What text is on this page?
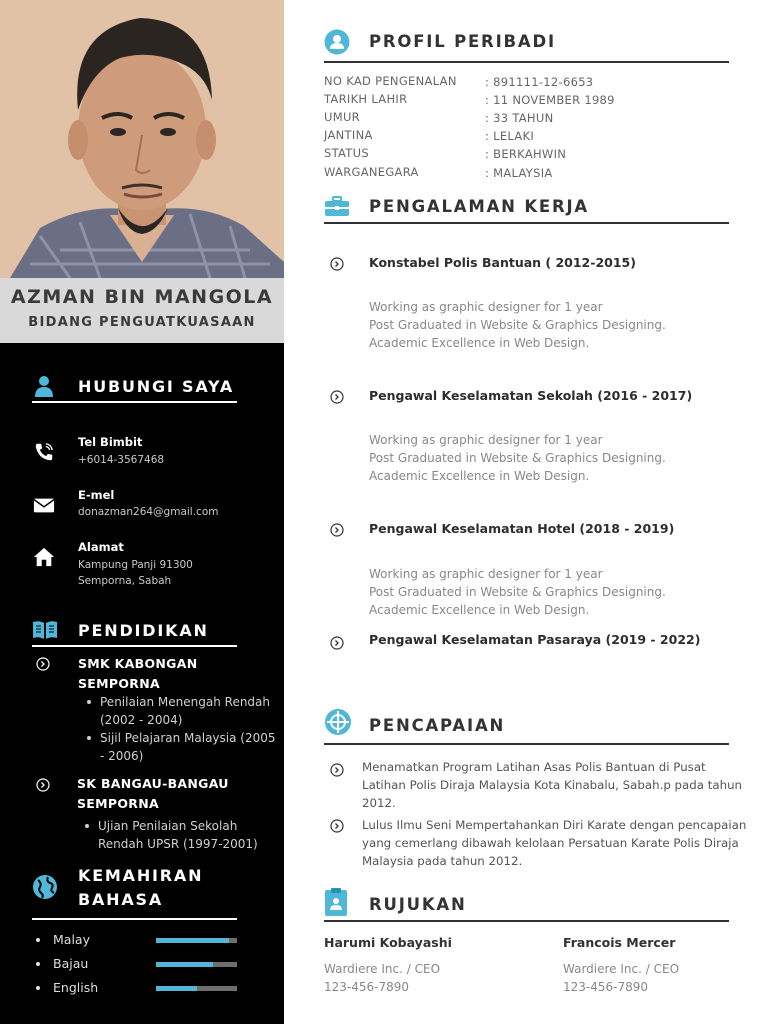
AZMAN BIN MANGOLA
BIDANG PENGUATKUASAAN
HUBUNGI SAYA
Tel Bimbit
+6014-3567468
E-mel
donazman264@gmail.com
Alamat
Kampung Panji 91300
Semporna, Sabah
PENDIDIKAN
SMK KABONGAN SEMPORNA
Penilaian Menengah Rendah (2002 - 2004)
Sijil Pelajaran Malaysia (2005 - 2006)
SK BANGAU-BANGAU SEMPORNA
Ujian Penilaian Sekolah Rendah UPSR (1997-2001)
KEMAHIRAN BAHASA
Malay
Bajau
English
PROFIL PERIBADI
NO KAD PENGENALAN	: 891111-12-6653
TARIKH LAHIR	: 11 NOVEMBER 1989
UMUR	: 33 TAHUN
JANTINA	: LELAKI
STATUS	: BERKAHWIN
WARGANEGARA	: MALAYSIA
PENGALAMAN KERJA
Konstabel Polis Bantuan ( 2012-2015)
Working as graphic designer for 1 year
Post Graduated in Website & Graphics Designing.
Academic Excellence in Web Design.
Pengawal Keselamatan Sekolah (2016 - 2017)
Working as graphic designer for 1 year
Post Graduated in Website & Graphics Designing.
Academic Excellence in Web Design.
Pengawal Keselamatan Hotel (2018 - 2019)
Working as graphic designer for 1 year
Post Graduated in Website & Graphics Designing.
Academic Excellence in Web Design.
Pengawal Keselamatan Pasaraya (2019 - 2022)
PENCAPAIAN
Menamatkan Program Latihan Asas Polis Bantuan di Pusat Latihan Polis Diraja Malaysia Kota Kinabalu, Sabah.p pada tahun 2012.
Lulus Ilmu Seni Mempertahankan Diri Karate dengan pencapaian yang cemerlang dibawah kelolaan Persatuan Karate Polis Diraja Malaysia pada tahun 2012.
RUJUKAN
Harumi Kobayashi
Wardiere Inc. / CEO
123-456-7890
Francois Mercer
Wardiere Inc. / CEO
123-456-7890
